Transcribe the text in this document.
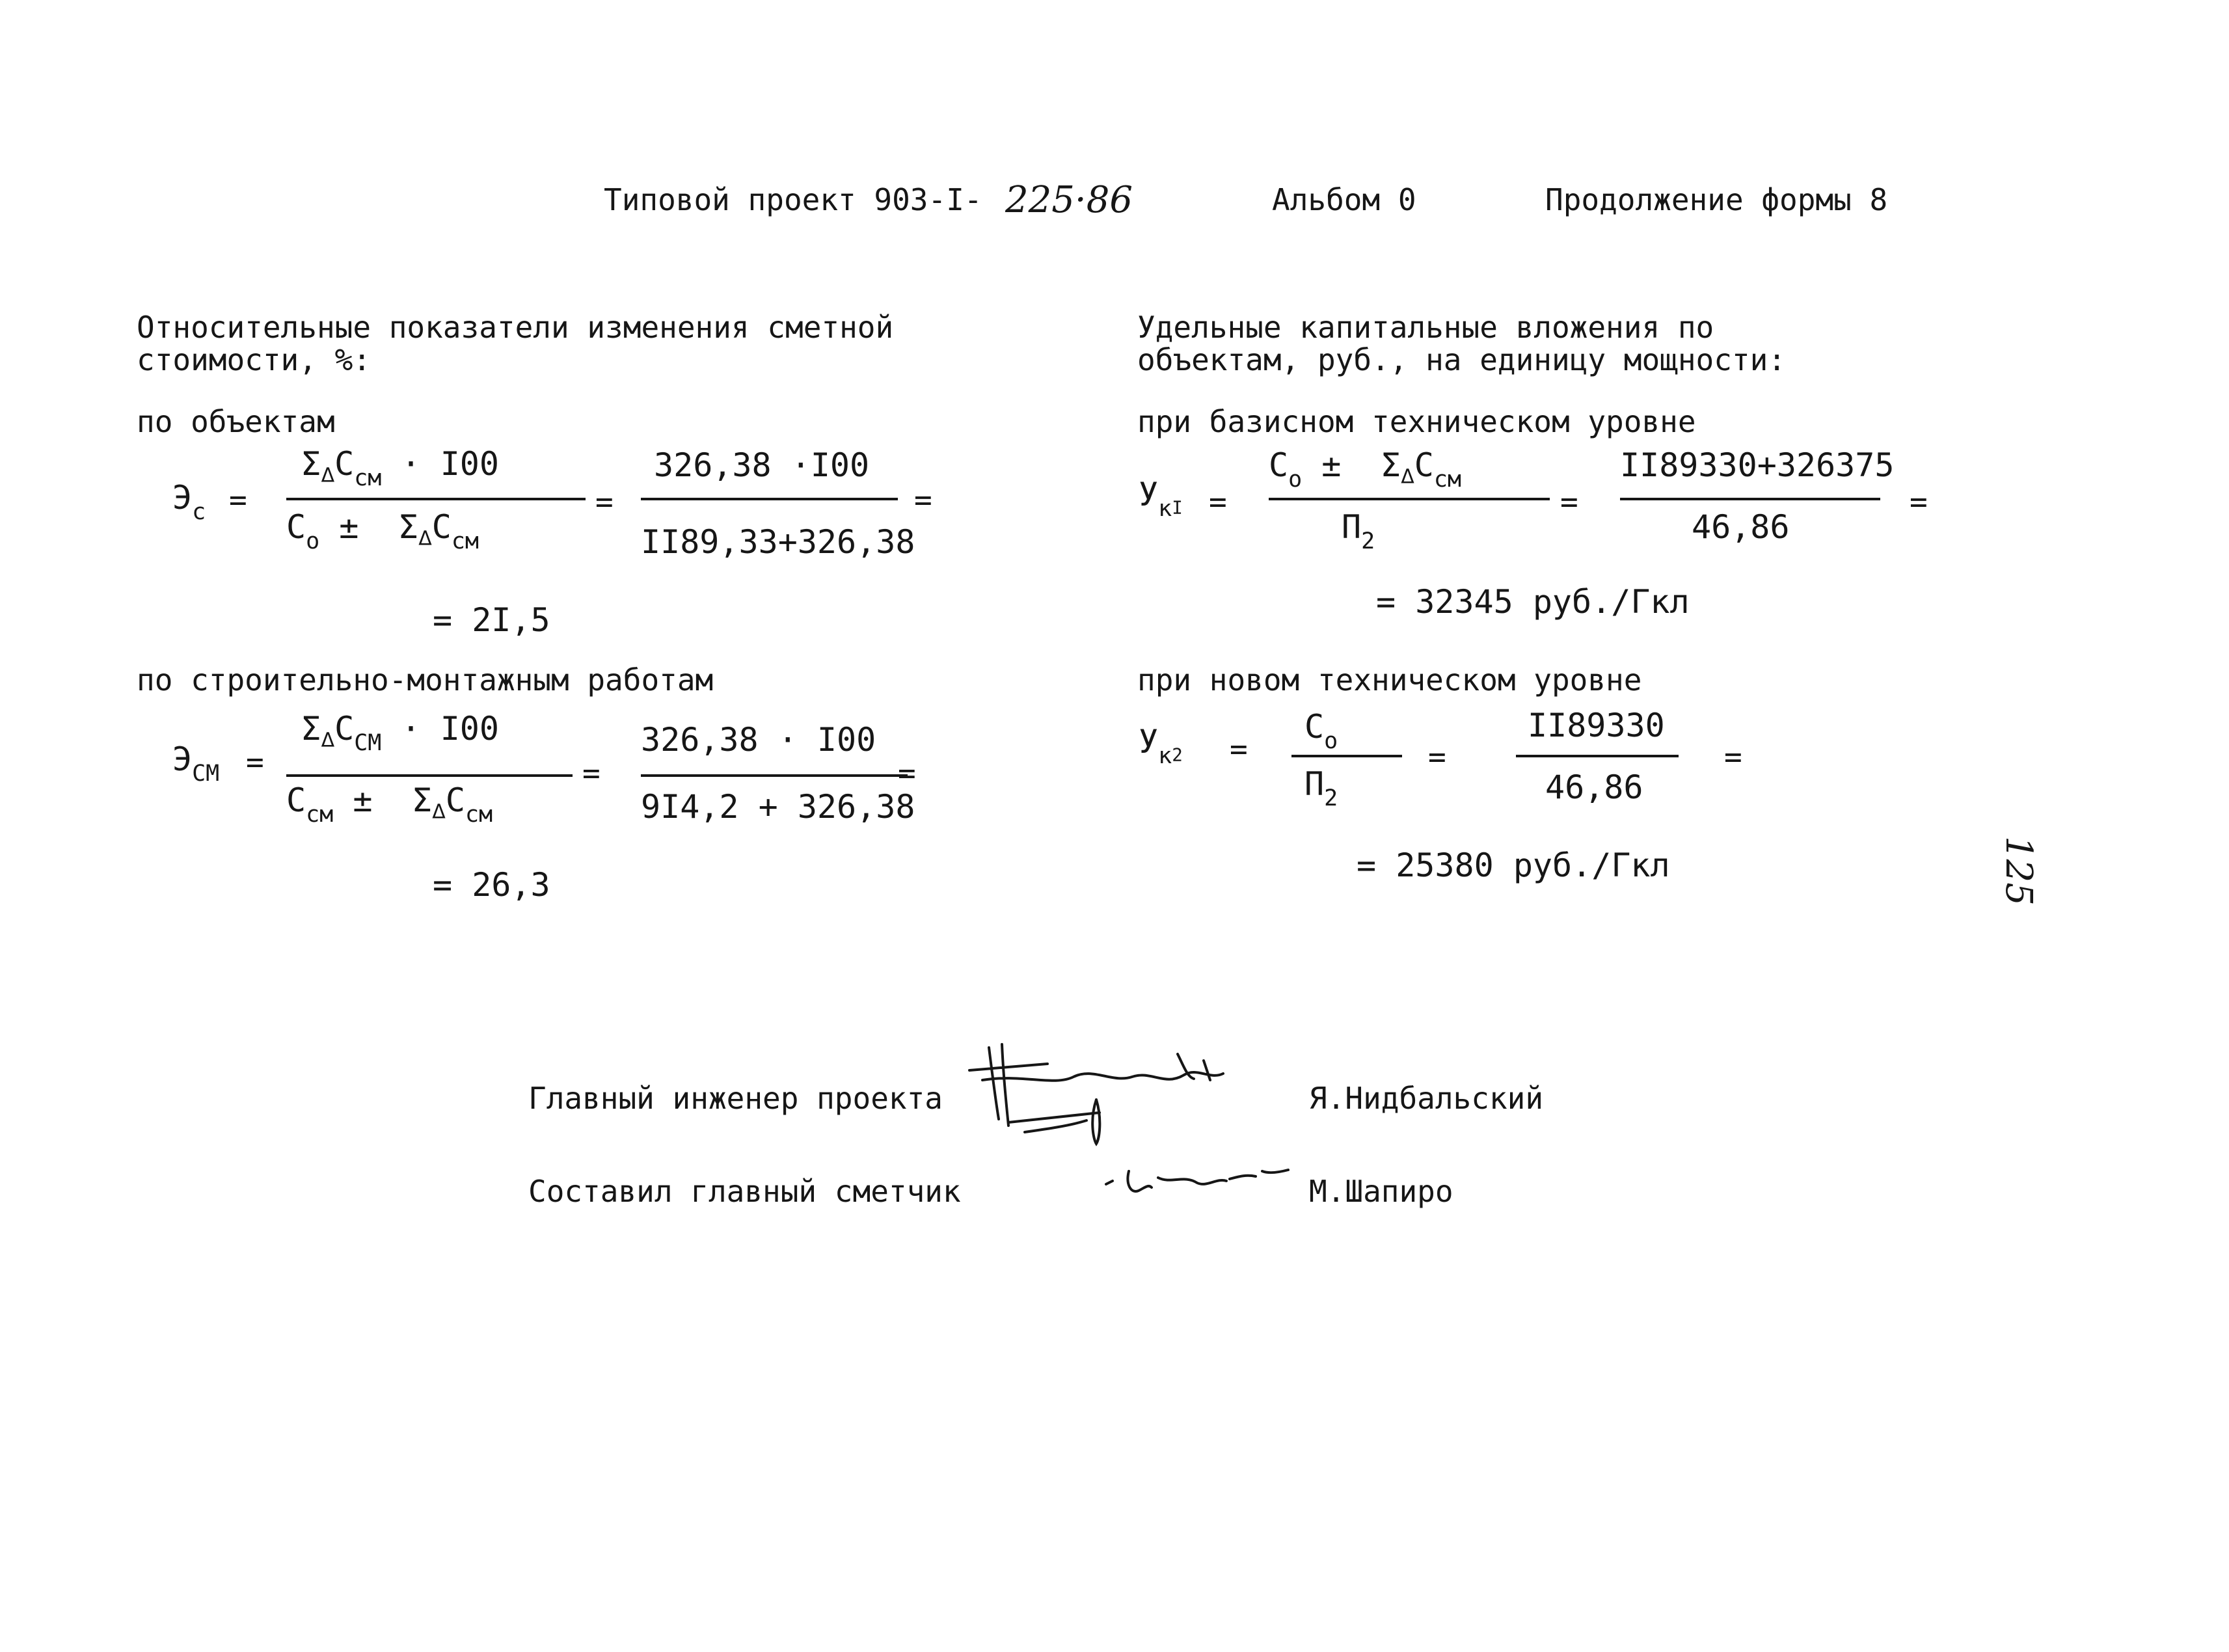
Типовой проект 903-I- 225·86	Альбом 0	Продолжение формы 8
Относительные показатели изменения сметной
стоимости, %:
по объектам
$Э_с$ =
$\Sigma_\Delta С_{см} \cdot I00$
$С_о \pm \Sigma_\Delta С_{см}$
=
326,38 ·I00
II89,33+326,38
=
= 2I,5
по строительно-монтажным работам
$Э_{СМ}$ =
$\Sigma_\Delta С_{СМ} \cdot I00$
$С_{см} \pm \Sigma_\Delta С_{см}$
=
326,38 · I00
9I4,2 + 326,38
=
= 26,3
Удельные капитальные вложения по
объектам, руб., на единицу мощности:
при базисном техническом уровне
$У_{кI}$ =
$С_о \pm \Sigma_\Delta С_{см}$
$П_2$
=
II89330+326375
46,86
=
= 32345 руб./Гкл
при новом техническом уровне
$У_{к2}$ =
$С_о$
$П_2$
=
II89330
46,86
=
= 25380 руб./Гкл	125
Главный инженер проекта	Я.Нидбальский
Составил главный сметчик	М.Шапиро
